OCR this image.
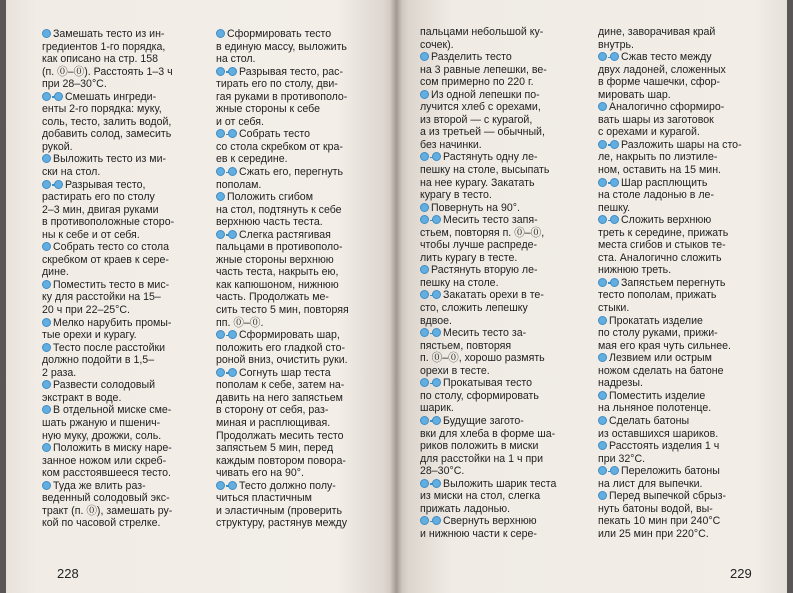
Замешать тесто из ин-
гредиентов 1-го порядка,
как описано на стр. 158
(п. ⓪–⓪). Расстоять 1–3 ч
при 28–30°С.
Смешать ингреди-
енты 2-го порядка: муку,
соль, тесто, залить водой,
добавить солод, замесить
рукой.
Выложить тесто из ми-
ски на стол.
Разрывая тесто,
растирать его по столу
2–3 мин, двигая руками
в противоположные сторо-
ны к себе и от себя.
Собрать тесто со стола
скребком от краев к сере-
дине.
Поместить тесто в мис-
ку для расстойки на 15–
20 ч при 22–25°С.
Мелко нарубить промы-
тые орехи и курагу.
Тесто после расстойки
должно подойти в 1,5–
2 раза.
Развести солодовый
экстракт в воде.
В отдельной миске сме-
шать ржаную и пшенич-
ную муку, дрожжи, соль.
Положить в миску нарe-
занное ножом или скреб-
ком расстоявшееся тесто.
Туда же влить раз-
веденный солодовый экс-
тракт (п. ⓪), замешать ру-
кой по часовой стрелке.
Сформировать тесто
в единую массу, выложить
на стол.
Разрывая тесто, рас-
тирать его по столу, дви-
гая руками в противополо-
жные стороны к себе
и от себя.
Собрать тесто
со стола скребком от кра-
ев к середине.
Сжать его, перегнуть
пополам.
Положить сгибом
на стол, подтянуть к себе
верхнюю часть теста.
Слегка растягивая
пальцами в противополо-
жные стороны верхнюю
часть теста, накрыть ею,
как капюшоном, нижнюю
часть. Продолжать ме-
сить тесто 5 мин, повторяя
пп. ⓪–⓪.
Сформировать шар,
положить его гладкой сто-
роной вниз, очистить руки.
Согнуть шар теста
пополам к себе, затем на-
давить на него запястьем
в сторону от себя, раз-
миная и расплющивая.
Продолжать месить тесто
запястьем 5 мин, перед
каждым повтором повора-
чивать его на 90°.
Тесто должно полу-
читься пластичным
и эластичным (проверить
структуру, растянув между
пальцами небольшой ку-
сочек).
Разделить тесто
на 3 равные лепешки, ве-
сом примерно по 220 г.
Из одной лепешки по-
лучится хлеб с орехами,
из второй — с курагой,
а из третьей — обычный,
без начинки.
Растянуть одну ле-
пешку на столе, высыпать
на нее курагу. Закатать
курагу в тесто.
Повернуть на 90°.
Месить тесто запя-
стьем, повторяя п. ⓪–⓪,
чтобы лучше распреде-
лить курагу в тесте.
Растянуть вторую ле-
пешку на столе.
Закатать орехи в те-
сто, сложить лепешку
вдвое.
Месить тесто за-
пястьем, повторяя
п. ⓪–⓪, хорошо размять
орехи в тесте.
Прокатывая тесто
по столу, сформировать
шарик.
Будущие загото-
вки для хлеба в форме ша-
риков положить в миски
для расстойки на 1 ч при
28–30°С.
Выложить шарик теста
из миски на стол, слегка
прижать ладонью.
Свернуть верхнюю
и нижнюю части к сере-
дине, заворачивая край
внутрь.
Сжав тесто между
двух ладоней, сложенных
в форме чашечки, сфор-
мировать шар.
Аналогично сформиро-
вать шары из заготовок
с орехами и курагой.
Разложить шары на сто-
ле, накрыть по лиэтиле-
ном, оставить на 15 мин.
Шар расплющить
на столе ладонью в ле-
пешку.
Сложить верхнюю
треть к середине, прижать
места сгибов и стыков те-
ста. Аналогично сложить
нижнюю треть.
Запястьем перегнуть
тесто пополам, прижать
стыки.
Прокатать изделие
по столу руками, прижи-
мая его края чуть сильнее.
Лезвием или острым
ножом сделать на батоне
надрезы.
Поместить изделие
на льняное полотенце.
Сделать батоны
из оставшихся шариков.
Расстоять изделия 1 ч
при 32°С.
Переложить батоны
на лист для выпечки.
Перед выпечкой сбрыз-
нуть батоны водой, вы-
пекать 10 мин при 240°С
или 25 мин при 220°С.
228	229
